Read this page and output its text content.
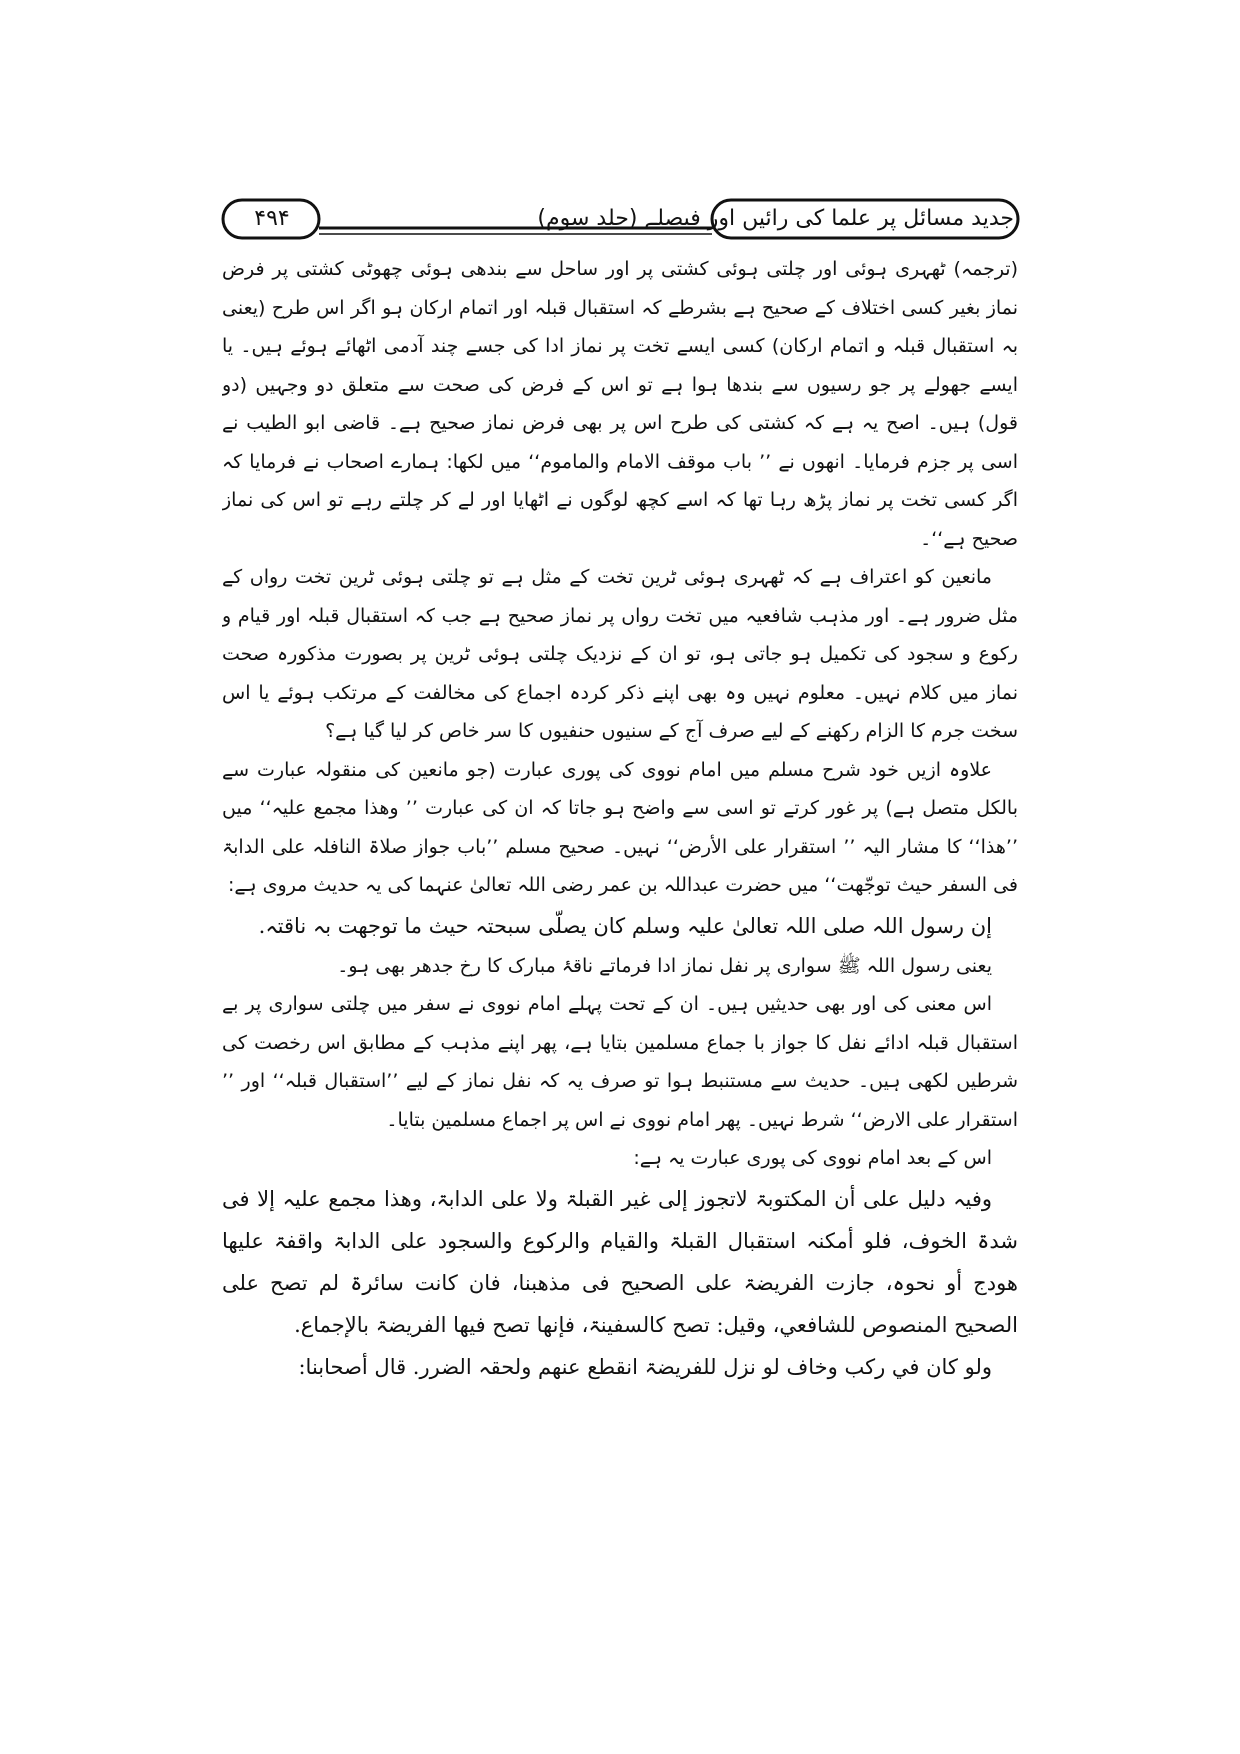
جدید مسائل پر علما کی رائیں اور فیصلے (جلد سوم)
۴۹۴

(ترجمہ) ٹھہری ہوئی اور چلتی ہوئی کشتی پر اور ساحل سے بندھی ہوئی چھوٹی کشتی پر فرض نماز بغیر کسی اختلاف کے صحیح ہے بشرطے کہ استقبال قبلہ اور اتمام ارکان ہو اگر اس طرح (یعنی بہ استقبال قبلہ و اتمام ارکان) کسی ایسے تخت پر نماز ادا کی جسے چند آدمی اٹھائے ہوئے ہیں۔ یا ایسے جھولے پر جو رسیوں سے بندھا ہوا ہے تو اس کے فرض کی صحت سے متعلق دو وجہیں (دو قول) ہیں۔ اصح یہ ہے کہ کشتی کی طرح اس پر بھی فرض نماز صحیح ہے۔ قاضی ابو الطیب نے اسی پر جزم فرمایا۔ انھوں نے ’’ باب موقف الامام والماموم‘‘ میں لکھا: ہمارے اصحاب نے فرمایا کہ اگر کسی تخت پر نماز پڑھ رہا تھا کہ اسے کچھ لوگوں نے اٹھایا اور لے کر چلتے رہے تو اس کی نماز صحیح ہے‘‘۔

مانعین کو اعتراف ہے کہ ٹھہری ہوئی ٹرین تخت کے مثل ہے تو چلتی ہوئی ٹرین تخت رواں کے مثل ضرور ہے۔ اور مذہب شافعیہ میں تخت رواں پر نماز صحیح ہے جب کہ استقبال قبلہ اور قیام و رکوع و سجود کی تکمیل ہو جاتی ہو، تو ان کے نزدیک چلتی ہوئی ٹرین پر بصورت مذکورہ صحت نماز میں کلام نہیں۔ معلوم نہیں وہ بھی اپنے ذکر کردہ اجماع کی مخالفت کے مرتکب ہوئے یا اس سخت جرم کا الزام رکھنے کے لیے صرف آج کے سنیوں حنفیوں کا سر خاص کر لیا گیا ہے؟

علاوہ ازیں خود شرح مسلم میں امام نووی کی پوری عبارت (جو مانعین کی منقولہ عبارت سے بالکل متصل ہے) پر غور کرتے تو اسی سے واضح ہو جاتا کہ ان کی عبارت ’’ وھذا مجمع علیہ‘‘ میں ’’ھذا‘‘ کا مشار الیہ ’’ استقرار علی الأرض‘‘ نہیں۔ صحیح مسلم ’’باب جواز صلاۃ النافلہ علی الدابۃ فی السفر حیث توجّھت‘‘ میں حضرت عبداللہ بن عمر رضی اللہ تعالیٰ عنہما کی یہ حدیث مروی ہے:

إن رسول اللہ صلی اللہ تعالیٰ علیہ وسلم کان یصلّی سبحتہ حیث ما توجھت بہ ناقتہ.

یعنی رسول اللہ ﷺ سواری پر نفل نماز ادا فرماتے ناقۂ مبارک کا رخ جدھر بھی ہو۔

اس معنی کی اور بھی حدیثیں ہیں۔ ان کے تحت پہلے امام نووی نے سفر میں چلتی سواری پر بے استقبال قبلہ ادائے نفل کا جواز با جماع مسلمین بتایا ہے، پھر اپنے مذہب کے مطابق اس رخصت کی شرطیں لکھی ہیں۔ حدیث سے مستنبط ہوا تو صرف یہ کہ نفل نماز کے لیے ’’استقبال قبلہ‘‘ اور ’’ استقرار علی الارض‘‘ شرط نہیں۔ پھر امام نووی نے اس پر اجماع مسلمین بتایا۔

اس کے بعد امام نووی کی پوری عبارت یہ ہے:

وفیہ دلیل علی أن المکتوبۃ لاتجوز إلی غیر القبلۃ ولا علی الدابۃ، وھذا مجمع علیہ إلا فی شدۃ الخوف، فلو أمکنہ استقبال القبلۃ والقیام والرکوع والسجود علی الدابۃ واقفۃ علیھا ھودج أو نحوہ، جازت الفریضۃ علی الصحیح فی مذھبنا، فان کانت سائرۃ لم تصح علی الصحیح المنصوص للشافعي، وقیل: تصح کالسفینۃ، فإنھا تصح فیھا الفریضۃ بالإجماع.

ولو کان في رکب وخاف لو نزل للفریضۃ انقطع عنھم ولحقہ الضرر. قال أصحابنا:
